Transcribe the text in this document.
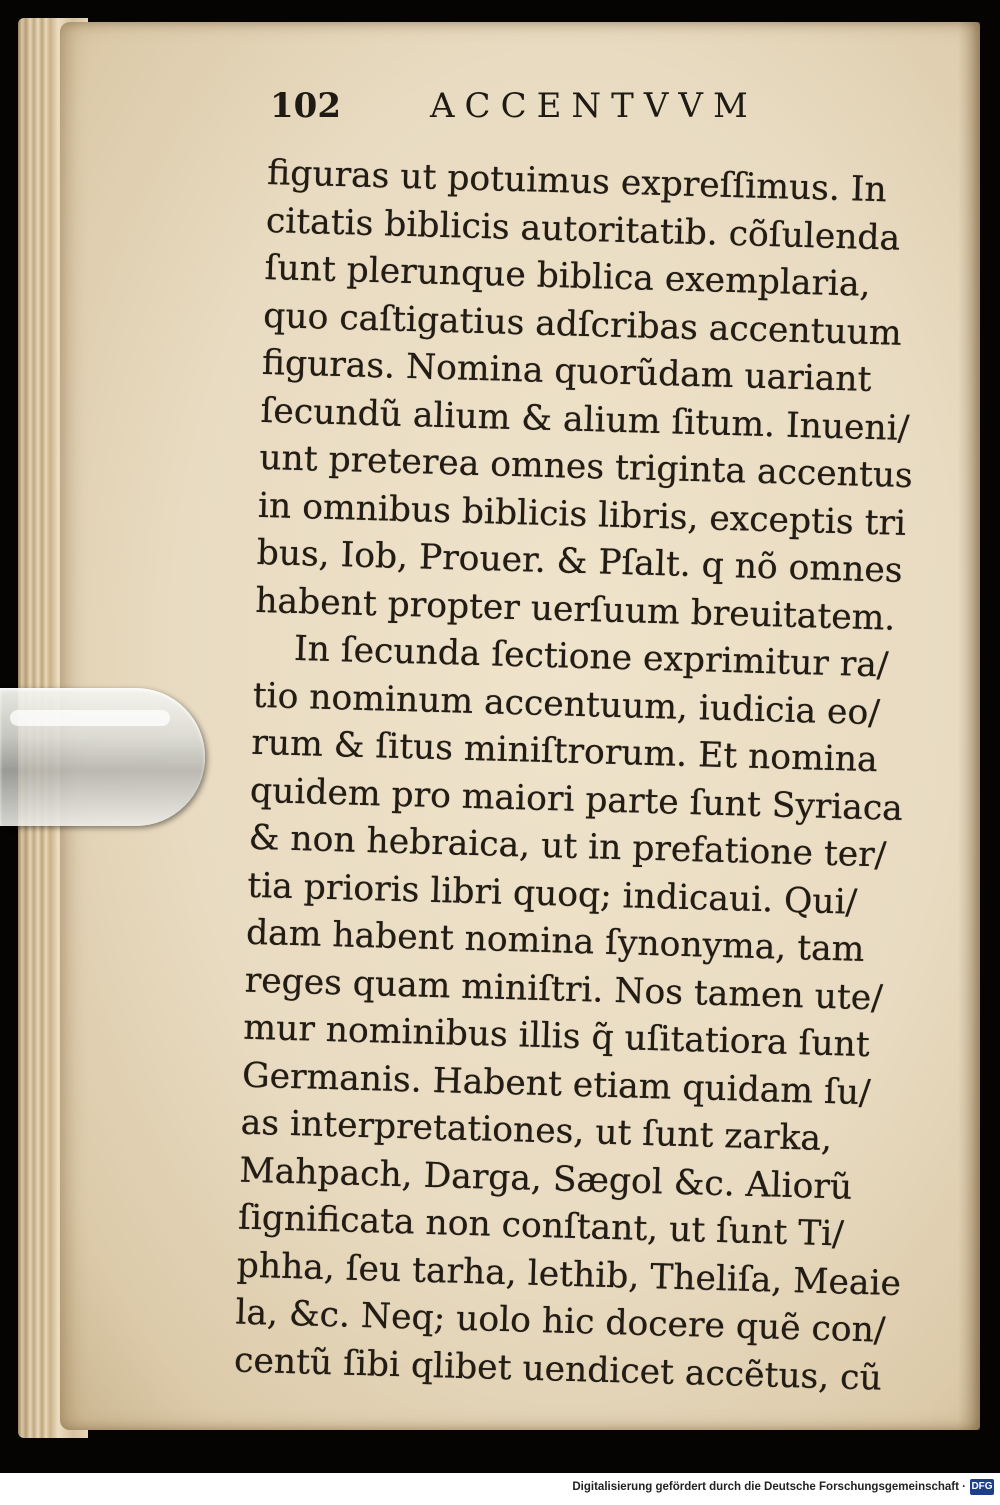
102	ACCENTVVM
figuras ut potuimus expreſſimus. In
citatis biblicis autoritatib. cõſulenda
ſunt plerunque biblica exemplaria,
quo caſtigatius adſcribas accentuum
figuras. Nomina quorũdam uariant
ſecundũ alium & alium ſitum. Inueni/
unt preterea omnes triginta accentus
in omnibus biblicis libris, exceptis tri
bus, Iob, Prouer. & Pſalt. q nõ omnes
habent propter uerſuum breuitatem.
In ſecunda ſectione exprimitur ra/
tio nominum accentuum, iudicia eo/
rum & ſitus miniſtrorum. Et nomina
quidem pro maiori parte ſunt Syriaca
& non hebraica, ut in prefatione ter/
tia prioris libri quoq; indicaui. Qui/
dam habent nomina ſynonyma, tam
reges quam miniſtri. Nos tamen ute/
mur nominibus illis q̃ uſitatiora ſunt
Germanis. Habent etiam quidam ſu/
as interpretationes, ut ſunt zarka,
Mahpach, Darga, Sægol &c. Aliorũ
ſignificata non conſtant, ut ſunt Ti/
phha, ſeu tarha, lethib, Theliſa, Meaie
la, &c. Neq; uolo hic docere quẽ con/
centũ ſibi qlibet uendicet accẽtus, cũ
Digitalisierung gefördert durch die Deutsche Forschungsgemeinschaft · DFG
